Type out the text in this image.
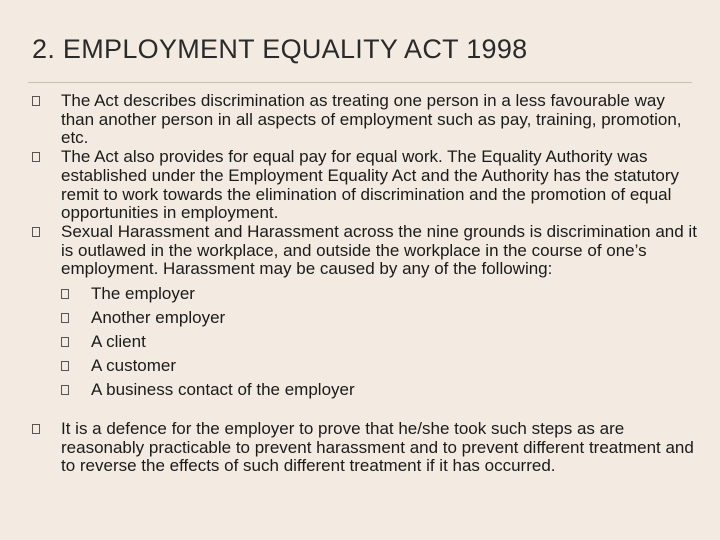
2. EMPLOYMENT EQUALITY ACT 1998

The Act describes discrimination as treating one person in a less favourable way than another person in all aspects of employment such as pay, training, promotion, etc.

The Act also provides for equal pay for equal work. The Equality Authority was established under the Employment Equality Act and the Authority has the statutory remit to work towards the elimination of discrimination and the promotion of equal opportunities in employment.

Sexual Harassment and Harassment across the nine grounds is discrimination and it is outlawed in the workplace, and outside the workplace in the course of one’s employment. Harassment may be caused by any of the following:
The employer
Another employer
A client
A customer
A business contact of the employer

It is a defence for the employer to prove that he/she took such steps as are reasonably practicable to prevent harassment and to prevent different treatment and to reverse the effects of such different treatment if it has occurred.
